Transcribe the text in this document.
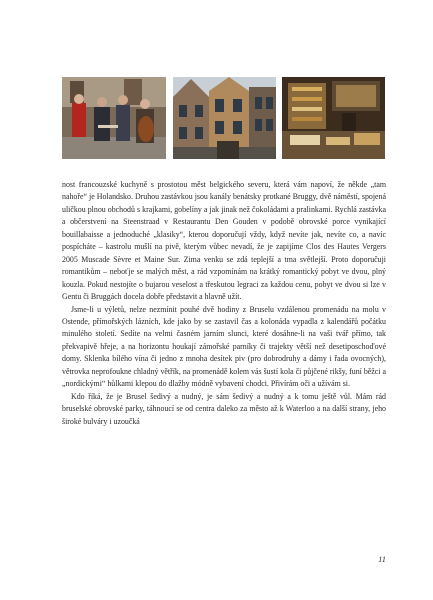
nost francouzské kuchyně s prostotou měst belgického severu, která vám napoví, že někde „tam nahoře“ je Holandsko. Druhou zastávkou jsou kanály benátsky protkané Bruggy, dvě náměstí, spojená uličkou plnou obchodů s krajkami, gobelíny a jak jinak než čokoládami a pralinkami. Rychlá zastávka a občerstvení na Steenstraad v Restaurantu Den Gouden v podobě obrovské porce vynikající bouillabaisse a jednoduché „klasiky“, kterou doporučují vždy, když nevíte jak, nevíte co, a navíc pospícháte – kastrolu mušlí na pivě, kterým vůbec nevadí, že je zapijíme Clos des Hautes Vergers 2005 Muscade Sèvre et Maine Sur. Zima venku se zdá teplejší a tma světlejší. Proto doporučuji romantikům – neboťje se malých měst, a rád vzpomínám na krátký romantický pobyt ve dvou, plný kouzla. Pokud nestojíte o bujarou veselost a třeskutou legraci za každou cenu, pobyt ve dvou si lze v Gentu či Bruggách docela dobře představit a hlavně užít.

Jsme-li u výletů, nelze nezmínit pouhé dvě hodiny z Bruselu vzdálenou promenádu na molu v Ostende, přímořských lázních, kde jako by se zastavil čas a kolonáda vypadla z kalendářů počátku minulého století. Sedíte na velmi časném jarním slunci, které dosáhne-li na vaši tvář přímo, tak překvapivě hřeje, a na horizontu houkají zámořské parníky či trajekty větší než desetiposchoďové domy. Sklenka bílého vína či jedno z mnoha desítek piv (pro dobrodruhy a dámy i řada ovocných), větrovka neprofoukne chladný větřík, na promenádě kolem vás šustí kola či půjčené rikšy, funí běžci a „nordickými“ hůlkami klepou do dlažby módně vybavení chodci. Přivírám oči a užívám si.

Kdo říká, že je Brusel šedivý a nudný, je sám šedivý a nudný a k tomu ještě vůl. Mám rád bruselské obrovské parky, táhnoucí se od centra daleko za město až k Waterloo a na další strany, jeho široké bulváry i uzoučká

11
